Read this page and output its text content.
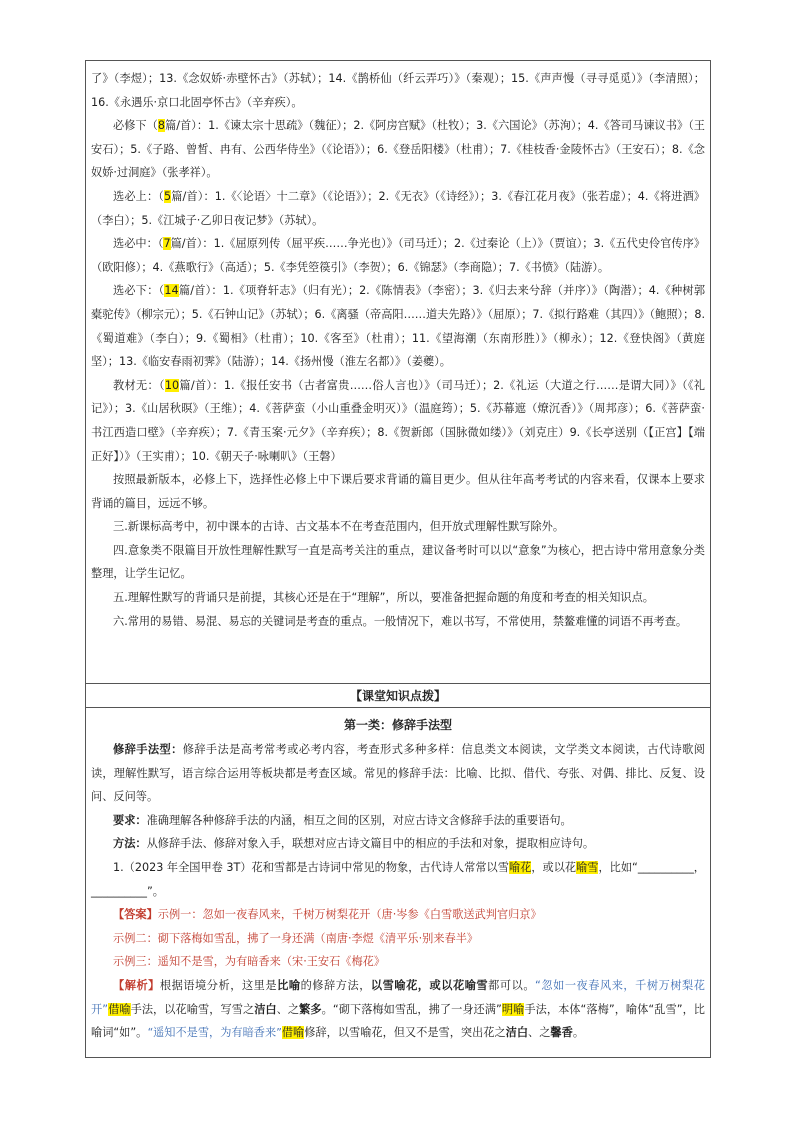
了》（李煜）；13.《念奴娇·赤壁怀古》（苏轼）；14.《鹊桥仙（纤云弄巧）》（秦观）；15.《声声慢（寻寻觅觅）》（李清照）；16.《永遇乐·京口北固亭怀古》（辛弃疾）。

必修下（8篇/首）：1.《谏太宗十思疏》（魏征）；2.《阿房宫赋》（杜牧）；3.《六国论》（苏洵）；4.《答司马谏议书》（王安石）；5.《子路、曾皙、冉有、公西华侍坐》（《论语》）；6.《登岳阳楼》（杜甫）；7.《桂枝香·金陵怀古》（王安石）；8.《念奴娇·过洞庭》（张孝祥）。

选必上：（5篇/首）：1.《〈论语〉十二章》（《论语》）；2.《无衣》（《诗经》）；3.《春江花月夜》（张若虚）；4.《将进酒》（李白）；5.《江城子·乙卯日夜记梦》（苏轼）。

选必中：（7篇/首）：1.《屈原列传（屈平疾……争光也）》（司马迁）；2.《过秦论（上）》（贾谊）；3.《五代史伶官传序》（欧阳修）；4.《燕歌行》（高适）；5.《李凭箜篌引》（李贺）；6.《锦瑟》（李商隐）；7.《书愤》（陆游）。

选必下：（14篇/首）：1.《项脊轩志》（归有光）；2.《陈情表》（李密）；3.《归去来兮辞（并序）》（陶潜）；4.《种树郭橐驼传》（柳宗元）；5.《石钟山记》（苏轼）；6.《离骚（帝高阳……道夫先路）》（屈原）；7.《拟行路难（其四）》（鲍照）；8.《蜀道难》（李白）；9.《蜀相》（杜甫）；10.《客至》（杜甫）；11.《望海潮（东南形胜）》（柳永）；12.《登快阁》（黄庭坚）；13.《临安春雨初霁》（陆游）；14.《扬州慢（淮左名都）》（姜夔）。

教材无：（10篇/首）：1.《报任安书（古者富贵……俗人言也）》（司马迁）；2.《礼运（大道之行……是谓大同）》（《礼记》）；3.《山居秋暝》（王维）；4.《菩萨蛮（小山重叠金明灭）》（温庭筠）；5.《苏幕遮（燎沉香）》（周邦彦）；6.《菩萨蛮·书江西造口壁》（辛弃疾）；7.《青玉案·元夕》（辛弃疾）；8.《贺新郎（国脉微如缕）》（刘克庄）9.《长亭送别（【正宫】【端正好】）》（王实甫）；10.《朝天子·咏喇叭》（王磐）

按照最新版本，必修上下，选择性必修上中下课后要求背诵的篇目更少。但从往年高考考试的内容来看，仅课本上要求背诵的篇目，远远不够。

三.新课标高考中，初中课本的古诗、古文基本不在考查范围内，但开放式理解性默写除外。

四.意象类不限篇目开放性理解性默写一直是高考关注的重点，建议备考时可以以“意象”为核心，把古诗中常用意象分类整理，让学生记忆。

五.理解性默写的背诵只是前提，其核心还是在于“理解”，所以，要准备把握命题的角度和考查的相关知识点。

六.常用的易错、易混、易忘的关键词是考查的重点。一般情况下，难以书写，不常使用，禁鳌难懂的词语不再考查。

【课堂知识点拨】
第一类：修辞手法型

修辞手法型：修辞手法是高考常考或必考内容，考查形式多种多样：信息类文本阅读，文学类文本阅读，古代诗歌阅读，理解性默写，语言综合运用等板块都是考查区域。常见的修辞手法：比喻、比拟、借代、夸张、对偶、排比、反复、设问、反问等。

要求：准确理解各种修辞手法的内涵，相互之间的区别，对应古诗文含修辞手法的重要语句。

方法：从修辞手法、修辞对象入手，联想对应古诗文篇目中的相应的手法和对象，提取相应诗句。

1.（2023 年全国甲卷 3T）花和雪都是古诗词中常见的物象，古代诗人常常以雪喻花，或以花喻雪，比如“__________，__________”。

【答案】示例一：忽如一夜春风来，千树万树梨花开（唐·岑参《白雪歌送武判官归京》

示例二：砌下落梅如雪乱，拂了一身还满（南唐·李煜《清平乐·别来春半》

示例三：遥知不是雪，为有暗香来（宋·王安石《梅花》

【解析】根据语境分析，这里是比喻的修辞方法，以雪喻花，或以花喻雪都可以。“忽如一夜春风来，千树万树梨花开”借喻手法，以花喻雪，写雪之洁白、之繁多。“砌下落梅如雪乱，拂了一身还满”明喻手法，本体“落梅”，喻体“乱雪”，比喻词“如”。“遥知不是雪，为有暗香来”借喻修辞，以雪喻花，但又不是雪，突出花之洁白、之馨香。
